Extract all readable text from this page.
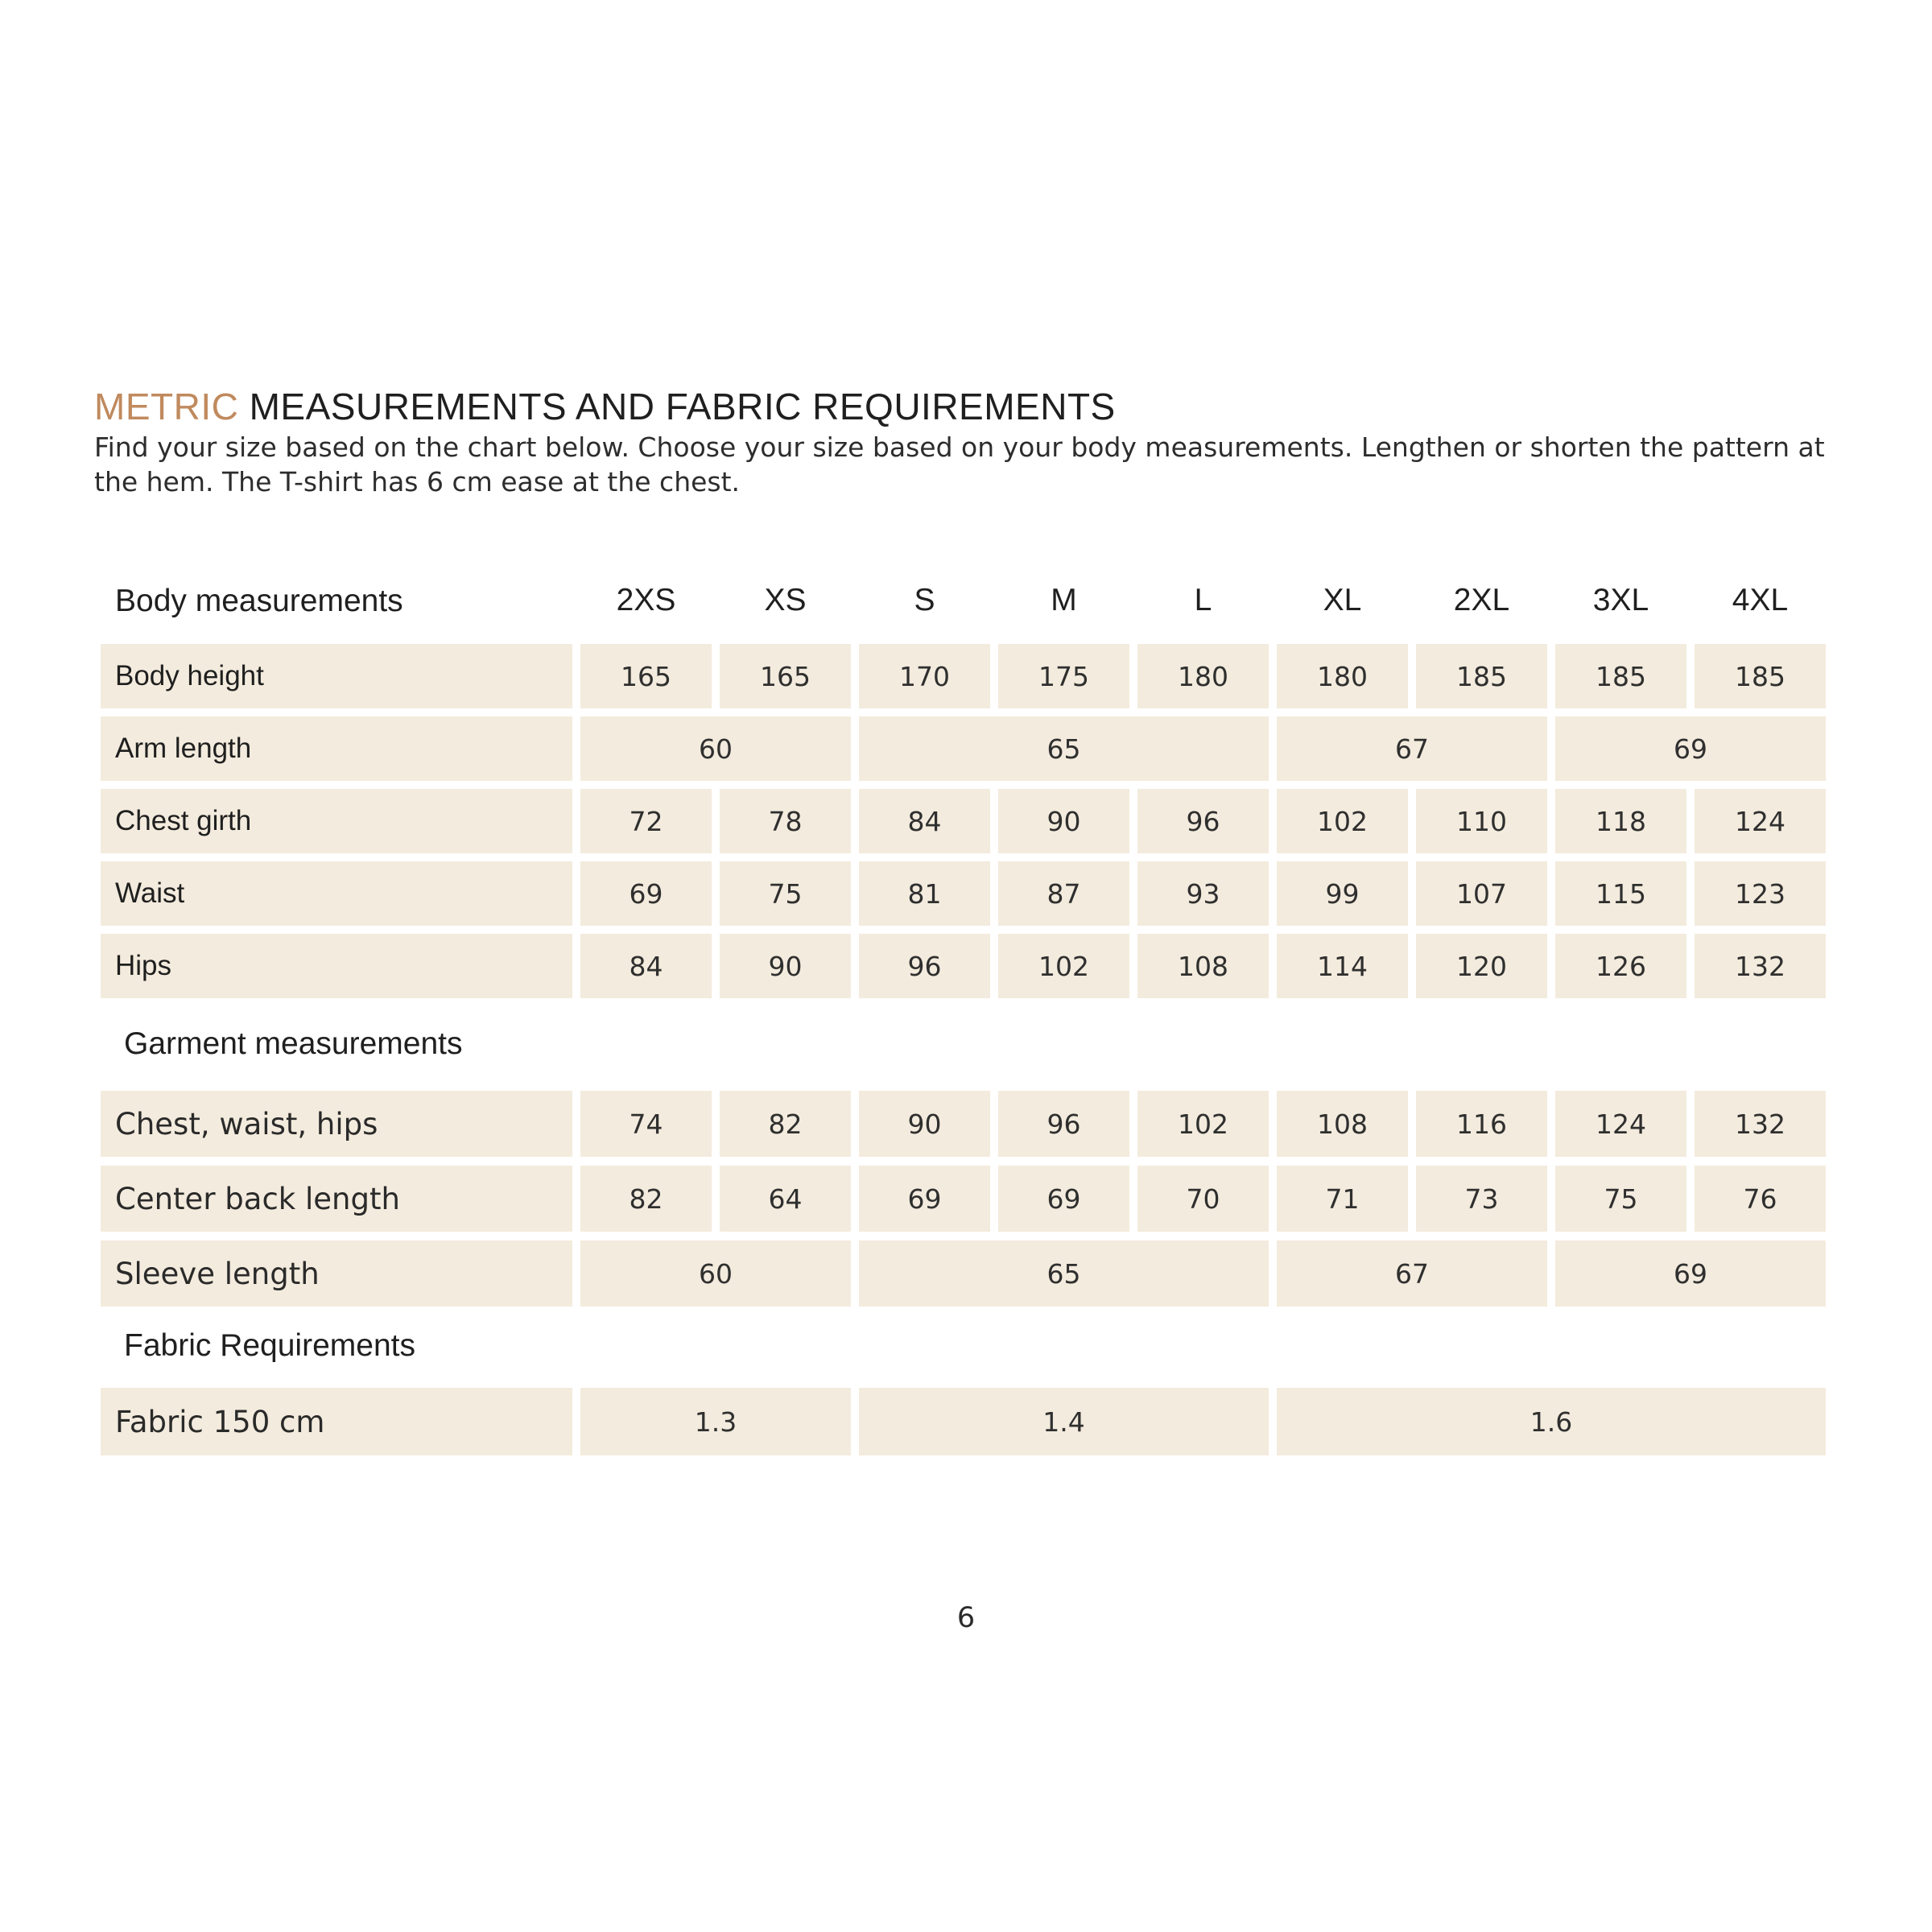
METRIC MEASUREMENTS AND FABRIC REQUIREMENTS

Find your size based on the chart below. Choose your size based on your body measurements. Lengthen or shorten the pattern at the hem. The T-shirt has 6 cm ease at the chest.

Body measurements
Garment measurements
Fabric Requirements
2XS	XS	S	M	L	XL	2XL	3XL	4XL
Body height	165	165	170	175	180	180	185	185	185
Arm length	60	65	67	69
Chest girth	72	78	84	90	96	102	110	118	124
Waist	69	75	81	87	93	99	107	115	123
Hips	84	90	96	102	108	114	120	126	132
Chest, waist, hips	74	82	90	96	102	108	116	124	132
Center back length	82	64	69	69	70	71	73	75	76
Sleeve length	60	65	67	69
Fabric 150 cm	1.3	1.4	1.6
6
